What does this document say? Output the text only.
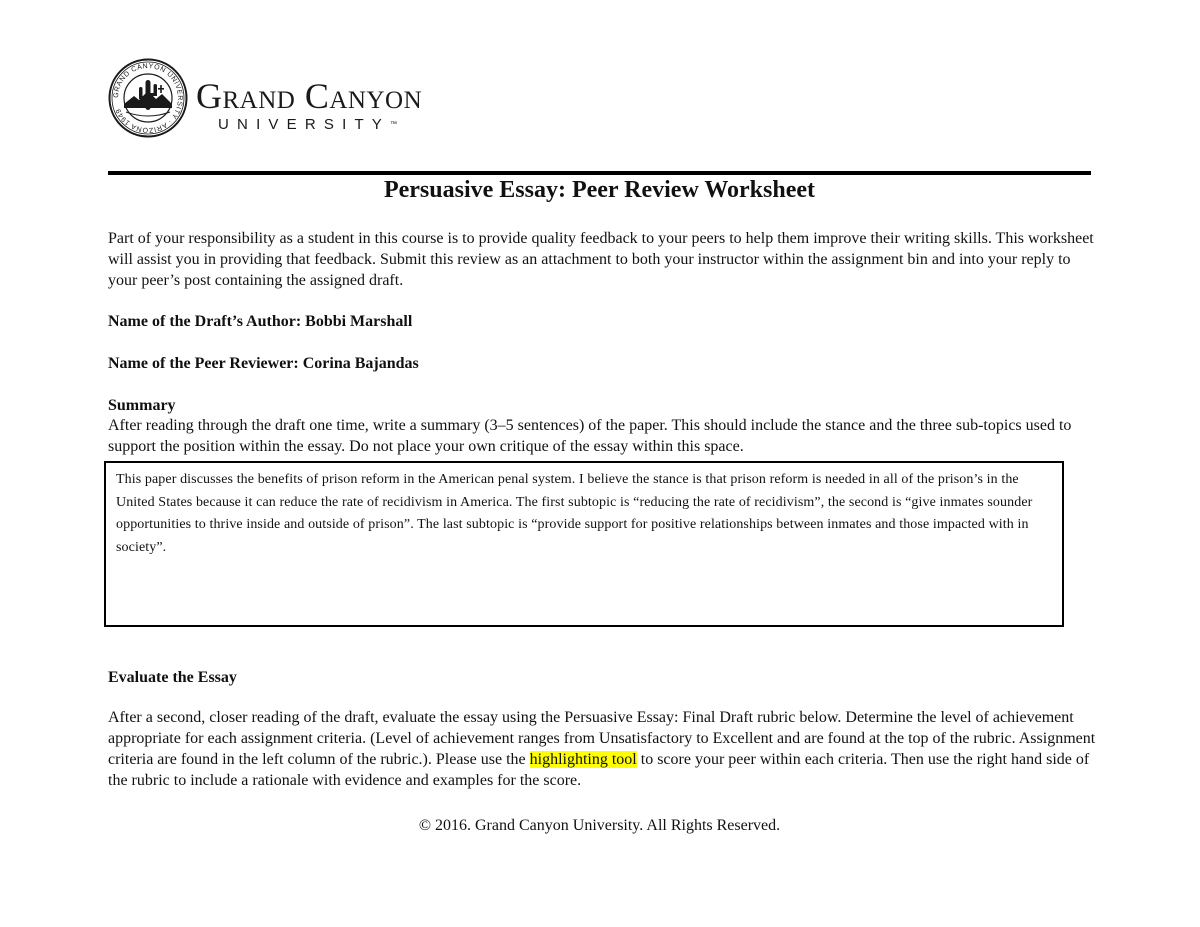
GRAND CANYON UNIVERSITY · ARIZONA 1949	Grand Canyon
UNIVERSITY™
Persuasive Essay: Peer Review Worksheet

Part of your responsibility as a student in this course is to provide quality feedback to your peers to help them improve their writing skills. This worksheet will assist you in providing that feedback. Submit this review as an attachment to both your instructor within the assignment bin and into your reply to your peer’s post containing the assigned draft.

Name of the Draft’s Author: Bobbi Marshall
Name of the Peer Reviewer: Corina Bajandas
Summary

After reading through the draft one time, write a summary (3–5 sentences) of the paper. This should include the stance and the three sub-topics used to support the position within the essay. Do not place your own critique of the essay within this space.

This paper discusses the benefits of prison reform in the American penal system. I believe the stance is that prison reform is needed in all of the prison’s in the United States because it can reduce the rate of recidivism in America. The first subtopic is “reducing the rate of recidivism”, the second is “give inmates sounder opportunities to thrive inside and outside of prison”. The last subtopic is “provide support for positive relationships between inmates and those impacted with in society”.

Evaluate the Essay

After a second, closer reading of the draft, evaluate the essay using the Persuasive Essay: Final Draft rubric below. Determine the level of achievement appropriate for each assignment criteria. (Level of achievement ranges from Unsatisfactory to Excellent and are found at the top of the rubric. Assignment criteria are found in the left column of the rubric.). Please use the highlighting tool to score your peer within each criteria. Then use the right hand side of the rubric to include a rationale with evidence and examples for the score.

© 2016. Grand Canyon University. All Rights Reserved.
